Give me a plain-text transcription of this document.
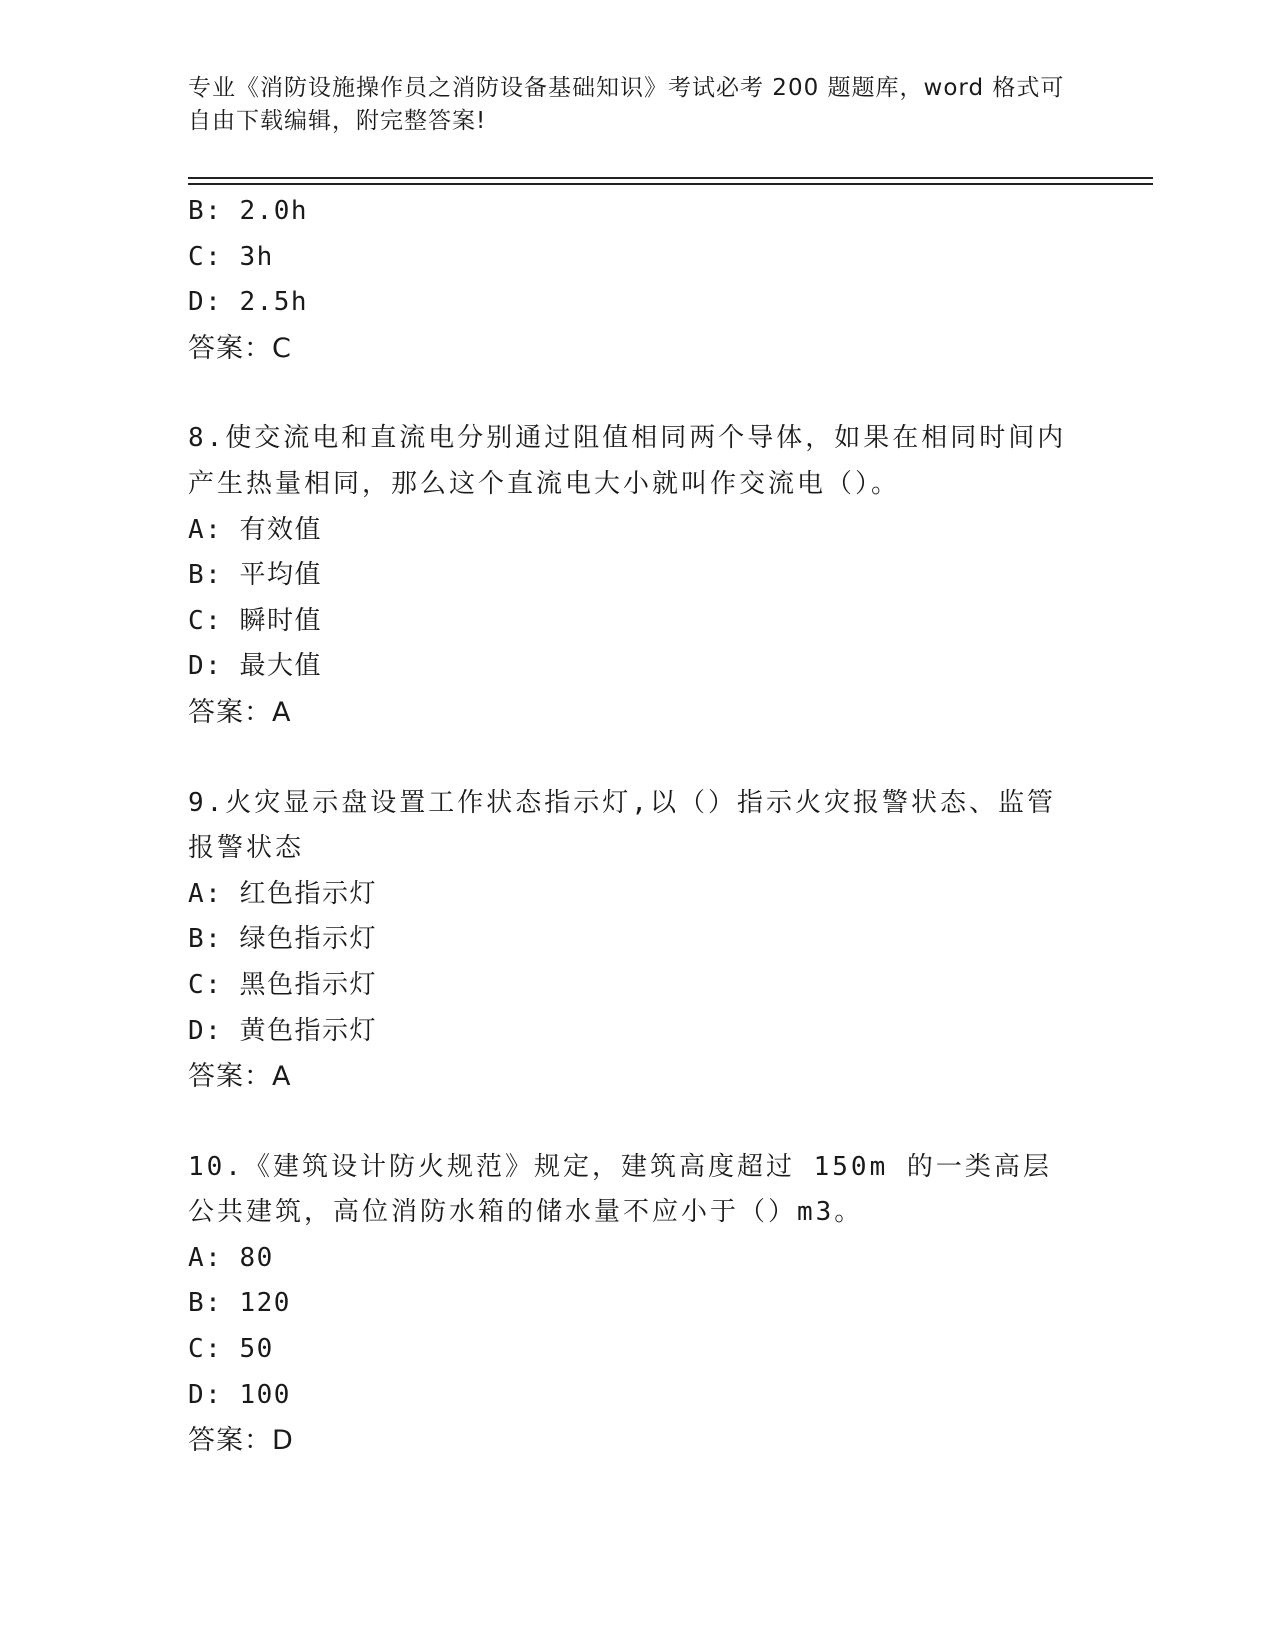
专业《消防设施操作员之消防设备基础知识》考试必考 200 题题库，word 格式可
自由下载编辑，附完整答案!
B: 2.0h
C: 3h
D: 2.5h
答案：C
8.使交流电和直流电分别通过阻值相同两个导体，如果在相同时间内产生热量相同，那么这个直流电大小就叫作交流电（）。
A: 有效值
B: 平均值
C: 瞬时值
D: 最大值
答案：A
9.火灾显示盘设置工作状态指示灯,以（）指示火灾报警状态、监管报警状态
A: 红色指示灯
B: 绿色指示灯
C: 黑色指示灯
D: 黄色指示灯
答案：A
10.《建筑设计防火规范》规定，建筑高度超过 150m 的一类高层公共建筑，高位消防水箱的储水量不应小于（）m3。
A: 80
B: 120
C: 50
D: 100
答案：D
